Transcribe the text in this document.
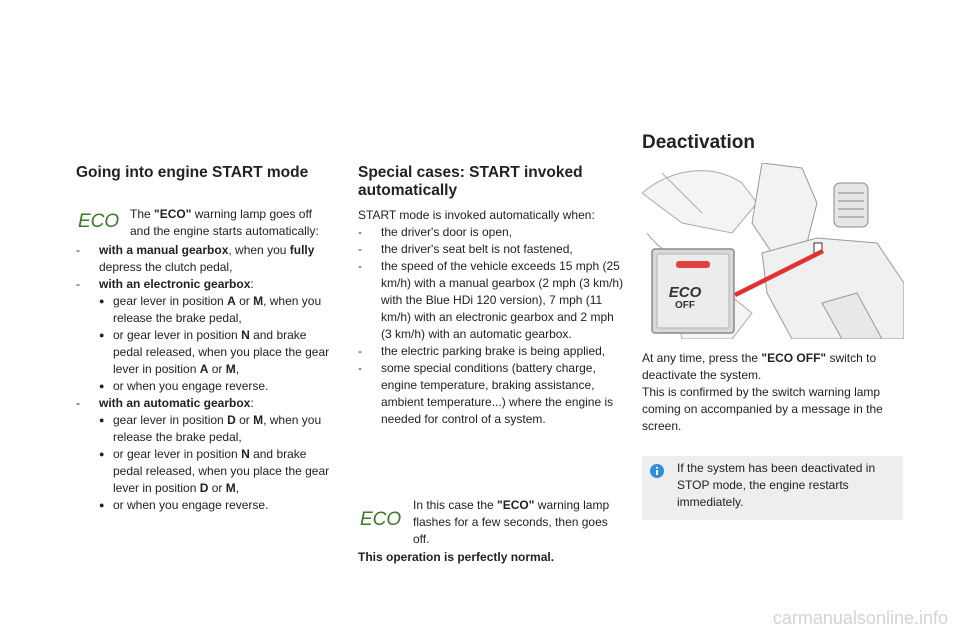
Going into engine START mode
ECO The "ECO" warning lamp goes off and the engine starts automatically:

- with a manual gearbox, when you fully depress the clutch pedal,
- with an electronic gearbox:
● gear lever in position A or M, when you release the brake pedal,
● or gear lever in position N and brake pedal released, when you place the gear lever in position A or M,
● or when you engage reverse.
- with an automatic gearbox:
● gear lever in position D or M, when you release the brake pedal,
● or gear lever in position N and brake pedal released, when you place the gear lever in position D or M,
● or when you engage reverse.
Special cases: START invoked automatically

START mode is invoked automatically when:

- the driver's door is open,
- the driver's seat belt is not fastened,
- the speed of the vehicle exceeds 15 mph (25 km/h) with a manual gearbox (2 mph (3 km/h) with the Blue HDi 120 version), 7 mph (11 km/h) with an electronic gearbox and 2 mph (3 km/h) with an automatic gearbox.
- the electric parking brake is being applied,
- some special conditions (battery charge, engine temperature, braking assistance, ambient temperature...) where the engine is needed for control of a system.
ECO

In this case the "ECO" warning lamp flashes for a few seconds, then goes off.

This operation is perfectly normal.

Deactivation
ECO
OFF

At any time, press the "ECO OFF" switch to deactivate the system.
This is confirmed by the switch warning lamp coming on accompanied by a message in the screen.

If the system has been deactivated in STOP mode, the engine restarts immediately.

carmanualsonline.info
